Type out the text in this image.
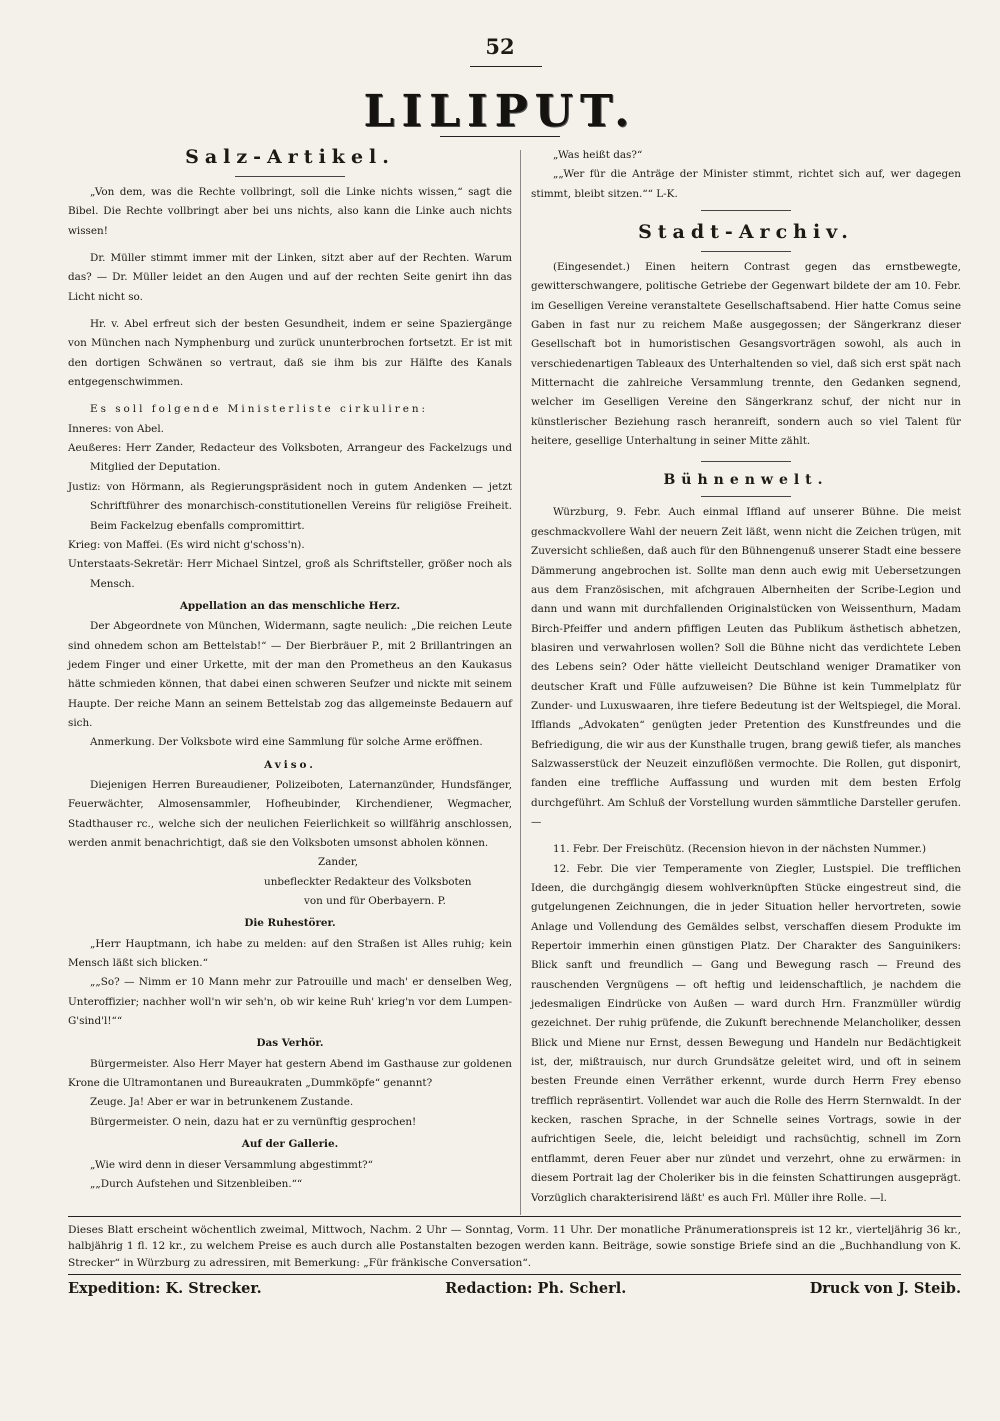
52
LILIPUT.
Salz-Artikel.

„Von dem, was die Rechte vollbringt, soll die Linke nichts wissen,“ sagt die Bibel. Die Rechte vollbringt aber bei uns nichts, also kann die Linke auch nichts wissen!

Dr. Müller stimmt immer mit der Linken, sitzt aber auf der Rechten. Warum das? — Dr. Müller leidet an den Augen und auf der rechten Seite genirt ihn das Licht nicht so.

Hr. v. Abel erfreut sich der besten Gesundheit, indem er seine Spaziergänge von München nach Nymphenburg und zurück ununterbrochen fortsetzt. Er ist mit den dortigen Schwänen so vertraut, daß sie ihm bis zur Hälfte des Kanals entgegenschwimmen.

Es soll folgende Ministerliste cirkuliren:

Inneres: von Abel.

Aeußeres: Herr Zander, Redacteur des Volksboten, Arrangeur des Fackelzugs und Mitglied der Deputation.

Justiz: von Hörmann, als Regierungspräsident noch in gutem Andenken — jetzt Schriftführer des monarchisch-constitutionellen Vereins für religiöse Freiheit. Beim Fackelzug ebenfalls compromittirt.

Krieg: von Maffei. (Es wird nicht g'schoss'n).

Unterstaats-Sekretär: Herr Michael Sintzel, groß als Schriftsteller, größer noch als Mensch.

Appellation an das menschliche Herz.

Der Abgeordnete von München, Widermann, sagte neulich: „Die reichen Leute sind ohnedem schon am Bettelstab!“ — Der Bierbräuer P., mit 2 Brillantringen an jedem Finger und einer Urkette, mit der man den Prometheus an den Kaukasus hätte schmieden können, that dabei einen schweren Seufzer und nickte mit seinem Haupte. Der reiche Mann an seinem Bettelstab zog das allgemeinste Bedauern auf sich.

Anmerkung. Der Volksbote wird eine Sammlung für solche Arme eröffnen.

Aviso.

Diejenigen Herren Bureaudiener, Polizeiboten, Laternanzünder, Hundsfänger, Feuerwächter, Almosensammler, Hofheubinder, Kirchendiener, Wegmacher, Stadthauser rc., welche sich der neulichen Feierlichkeit so willfährig anschlossen, werden anmit benachrichtigt, daß sie den Volksboten umsonst abholen können.

Zander,

unbefleckter Redakteur des Volksboten

von und für Oberbayern. P.

Die Ruhestörer.

„Herr Hauptmann, ich habe zu melden: auf den Straßen ist Alles ruhig; kein Mensch läßt sich blicken.“

„„So? — Nimm er 10 Mann mehr zur Patrouille und mach' er denselben Weg, Unteroffizier; nachher woll'n wir seh'n, ob wir keine Ruh' krieg'n vor dem Lumpen-G'sind'l!““

Das Verhör.

Bürgermeister. Also Herr Mayer hat gestern Abend im Gasthause zur goldenen Krone die Ultramontanen und Bureaukraten „Dummköpfe“ genannt?

Zeuge. Ja! Aber er war in betrunkenem Zustande.

Bürgermeister. O nein, dazu hat er zu vernünftig gesprochen!

Auf der Gallerie.

„Wie wird denn in dieser Versammlung abgestimmt?“

„„Durch Aufstehen und Sitzenbleiben.““

„Was heißt das?“

„„Wer für die Anträge der Minister stimmt, richtet sich auf, wer dagegen stimmt, bleibt sitzen.““ L-K.

Stadt-Archiv.

(Eingesendet.) Einen heitern Contrast gegen das ernstbewegte, gewitterschwangere, politische Getriebe der Gegenwart bildete der am 10. Febr. im Geselligen Vereine veranstaltete Gesellschaftsabend. Hier hatte Comus seine Gaben in fast nur zu reichem Maße ausgegossen; der Sängerkranz dieser Gesellschaft bot in humoristischen Gesangsvorträgen sowohl, als auch in verschiedenartigen Tableaux des Unterhaltenden so viel, daß sich erst spät nach Mitternacht die zahlreiche Versammlung trennte, den Gedanken segnend, welcher im Geselligen Vereine den Sängerkranz schuf, der nicht nur in künstlerischer Beziehung rasch heranreift, sondern auch so viel Talent für heitere, gesellige Unterhaltung in seiner Mitte zählt.

Bühnenwelt.

Würzburg, 9. Febr. Auch einmal Iffland auf unserer Bühne. Die meist geschmackvollere Wahl der neuern Zeit läßt, wenn nicht die Zeichen trügen, mit Zuversicht schließen, daß auch für den Bühnengenuß unserer Stadt eine bessere Dämmerung angebrochen ist. Sollte man denn auch ewig mit Uebersetzungen aus dem Französischen, mit afchgrauen Albernheiten der Scribe-Legion und dann und wann mit durchfallenden Originalstücken von Weissenthurn, Madam Birch-Pfeiffer und andern pfiffigen Leuten das Publikum ästhetisch abhetzen, blasiren und verwahrlosen wollen? Soll die Bühne nicht das verdichtete Leben des Lebens sein? Oder hätte vielleicht Deutschland weniger Dramatiker von deutscher Kraft und Fülle aufzuweisen? Die Bühne ist kein Tummelplatz für Zunder- und Luxuswaaren, ihre tiefere Bedeutung ist der Weltspiegel, die Moral. Ifflands „Advokaten“ genügten jeder Pretention des Kunstfreundes und die Befriedigung, die wir aus der Kunsthalle trugen, brang gewiß tiefer, als manches Salzwasserstück der Neuzeit einzuflößen vermochte. Die Rollen, gut disponirt, fanden eine treffliche Auffassung und wurden mit dem besten Erfolg durchgeführt. Am Schluß der Vorstellung wurden sämmtliche Darsteller gerufen. —

11. Febr. Der Freischütz. (Recension hievon in der nächsten Nummer.)

12. Febr. Die vier Temperamente von Ziegler, Lustspiel. Die trefflichen Ideen, die durchgängig diesem wohlverknüpften Stücke eingestreut sind, die gutgelungenen Zeichnungen, die in jeder Situation heller hervortreten, sowie Anlage und Vollendung des Gemäldes selbst, verschaffen diesem Produkte im Repertoir immerhin einen günstigen Platz. Der Charakter des Sanguinikers: Blick sanft und freundlich — Gang und Bewegung rasch — Freund des rauschenden Vergnügens — oft heftig und leidenschaftlich, je nachdem die jedesmaligen Eindrücke von Außen — ward durch Hrn. Franzmüller würdig gezeichnet. Der ruhig prüfende, die Zukunft berechnende Melancholiker, dessen Blick und Miene nur Ernst, dessen Bewegung und Handeln nur Bedächtigkeit ist, der, mißtrauisch, nur durch Grundsätze geleitet wird, und oft in seinem besten Freunde einen Verräther erkennt, wurde durch Herrn Frey ebenso trefflich repräsentirt. Vollendet war auch die Rolle des Herrn Sternwaldt. In der kecken, raschen Sprache, in der Schnelle seines Vortrags, sowie in der aufrichtigen Seele, die, leicht beleidigt und rachsüchtig, schnell im Zorn entflammt, deren Feuer aber nur zündet und verzehrt, ohne zu erwärmen: in diesem Portrait lag der Choleriker bis in die feinsten Schattirungen ausgeprägt. Vorzüglich charakterisirend läßt' es auch Frl. Müller ihre Rolle. —l.

Dieses Blatt erscheint wöchentlich zweimal, Mittwoch, Nachm. 2 Uhr — Sonntag, Vorm. 11 Uhr. Der monatliche Pränumerationspreis ist 12 kr., vierteljährig 36 kr., halbjährig 1 fl. 12 kr., zu welchem Preise es auch durch alle Postanstalten bezogen werden kann. Beiträge, sowie sonstige Briefe sind an die „Buchhandlung von K. Strecker“ in Würzburg zu adressiren, mit Bemerkung: „Für fränkische Conversation“.
Expedition: K. Strecker.	Redaction: Ph. Scherl.	Druck von J. Steib.
